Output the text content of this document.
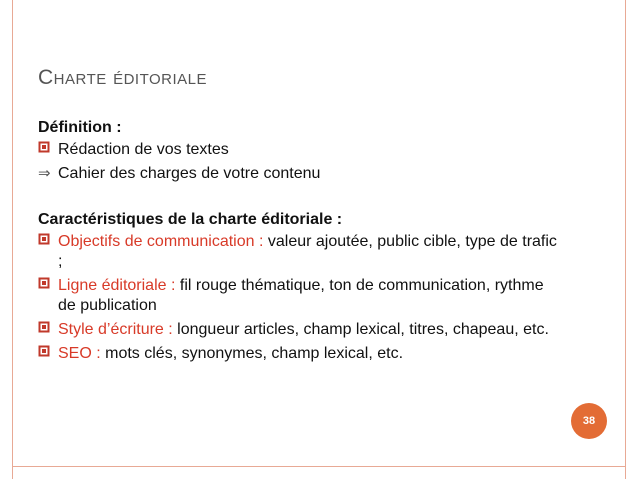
Charte éditoriale

Définition :

Rédaction de vos textes
⇒ Cahier des charges de votre contenu

Caractéristiques de la charte éditoriale :

Objectifs de communication : valeur ajoutée, public cible, type de trafic ;
Ligne éditoriale : fil rouge thématique, ton de communication, rythme de publication
Style d’écriture : longueur articles, champ lexical, titres, chapeau, etc.
SEO : mots clés, synonymes, champ lexical, etc.
38
